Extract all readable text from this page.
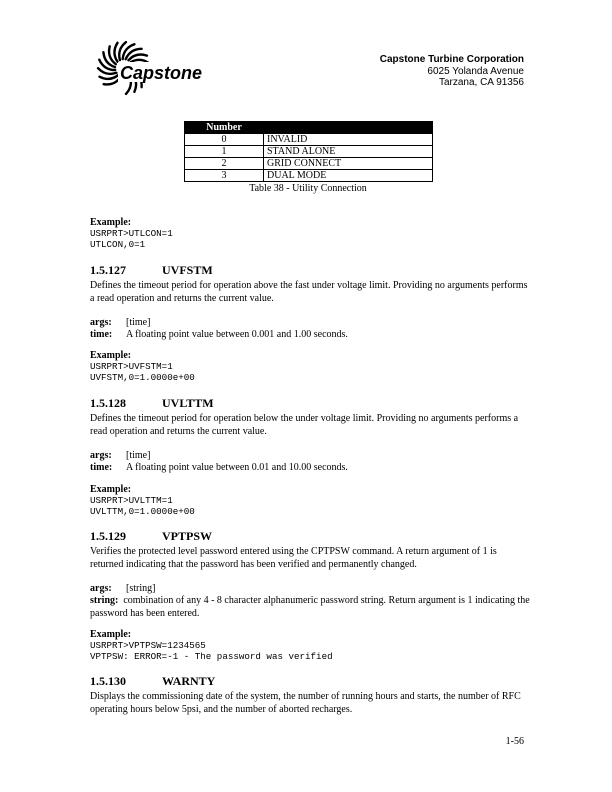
Capstone
Capstone Turbine Corporation
6025 Yolanda Avenue
Tarzana, CA 91356
Number	
0	INVALID
1	STAND ALONE
2	GRID CONNECT
3	DUAL MODE
Table 38 - Utility Connection
Example:
USRPRT>UTLCON=1
UTLCON,0=1
1.5.127	UVFSTM
Defines the timeout period for operation above the fast under voltage limit. Providing no arguments performs a read operation and returns the current value.
args: [time]
time: A floating point value between 0.001 and 1.00 seconds.
Example:
USRPRT>UVFSTM=1
UVFSTM,0=1.0000e+00
1.5.128	UVLTTM
Defines the timeout period for operation below the under voltage limit. Providing no arguments performs a read operation and returns the current value.
args: [time]
time: A floating point value between 0.01 and 10.00 seconds.
Example:
USRPRT>UVLTTM=1
UVLTTM,0=1.0000e+00
1.5.129	VPTPSW
Verifies the protected level password entered using the CPTPSW command. A return argument of 1 is returned indicating that the password has been verified and permanently changed.
args: [string]
string: combination of any 4 - 8 character alphanumeric password string. Return argument is 1 indicating the password has been entered.
Example:
USRPRT>VPTPSW=1234565
VPTPSW: ERROR=-1 - The password was verified
1.5.130	WARNTY
Displays the commissioning date of the system, the number of running hours and starts, the number of RFC operating hours below 5psi, and the number of aborted recharges.
1-56
